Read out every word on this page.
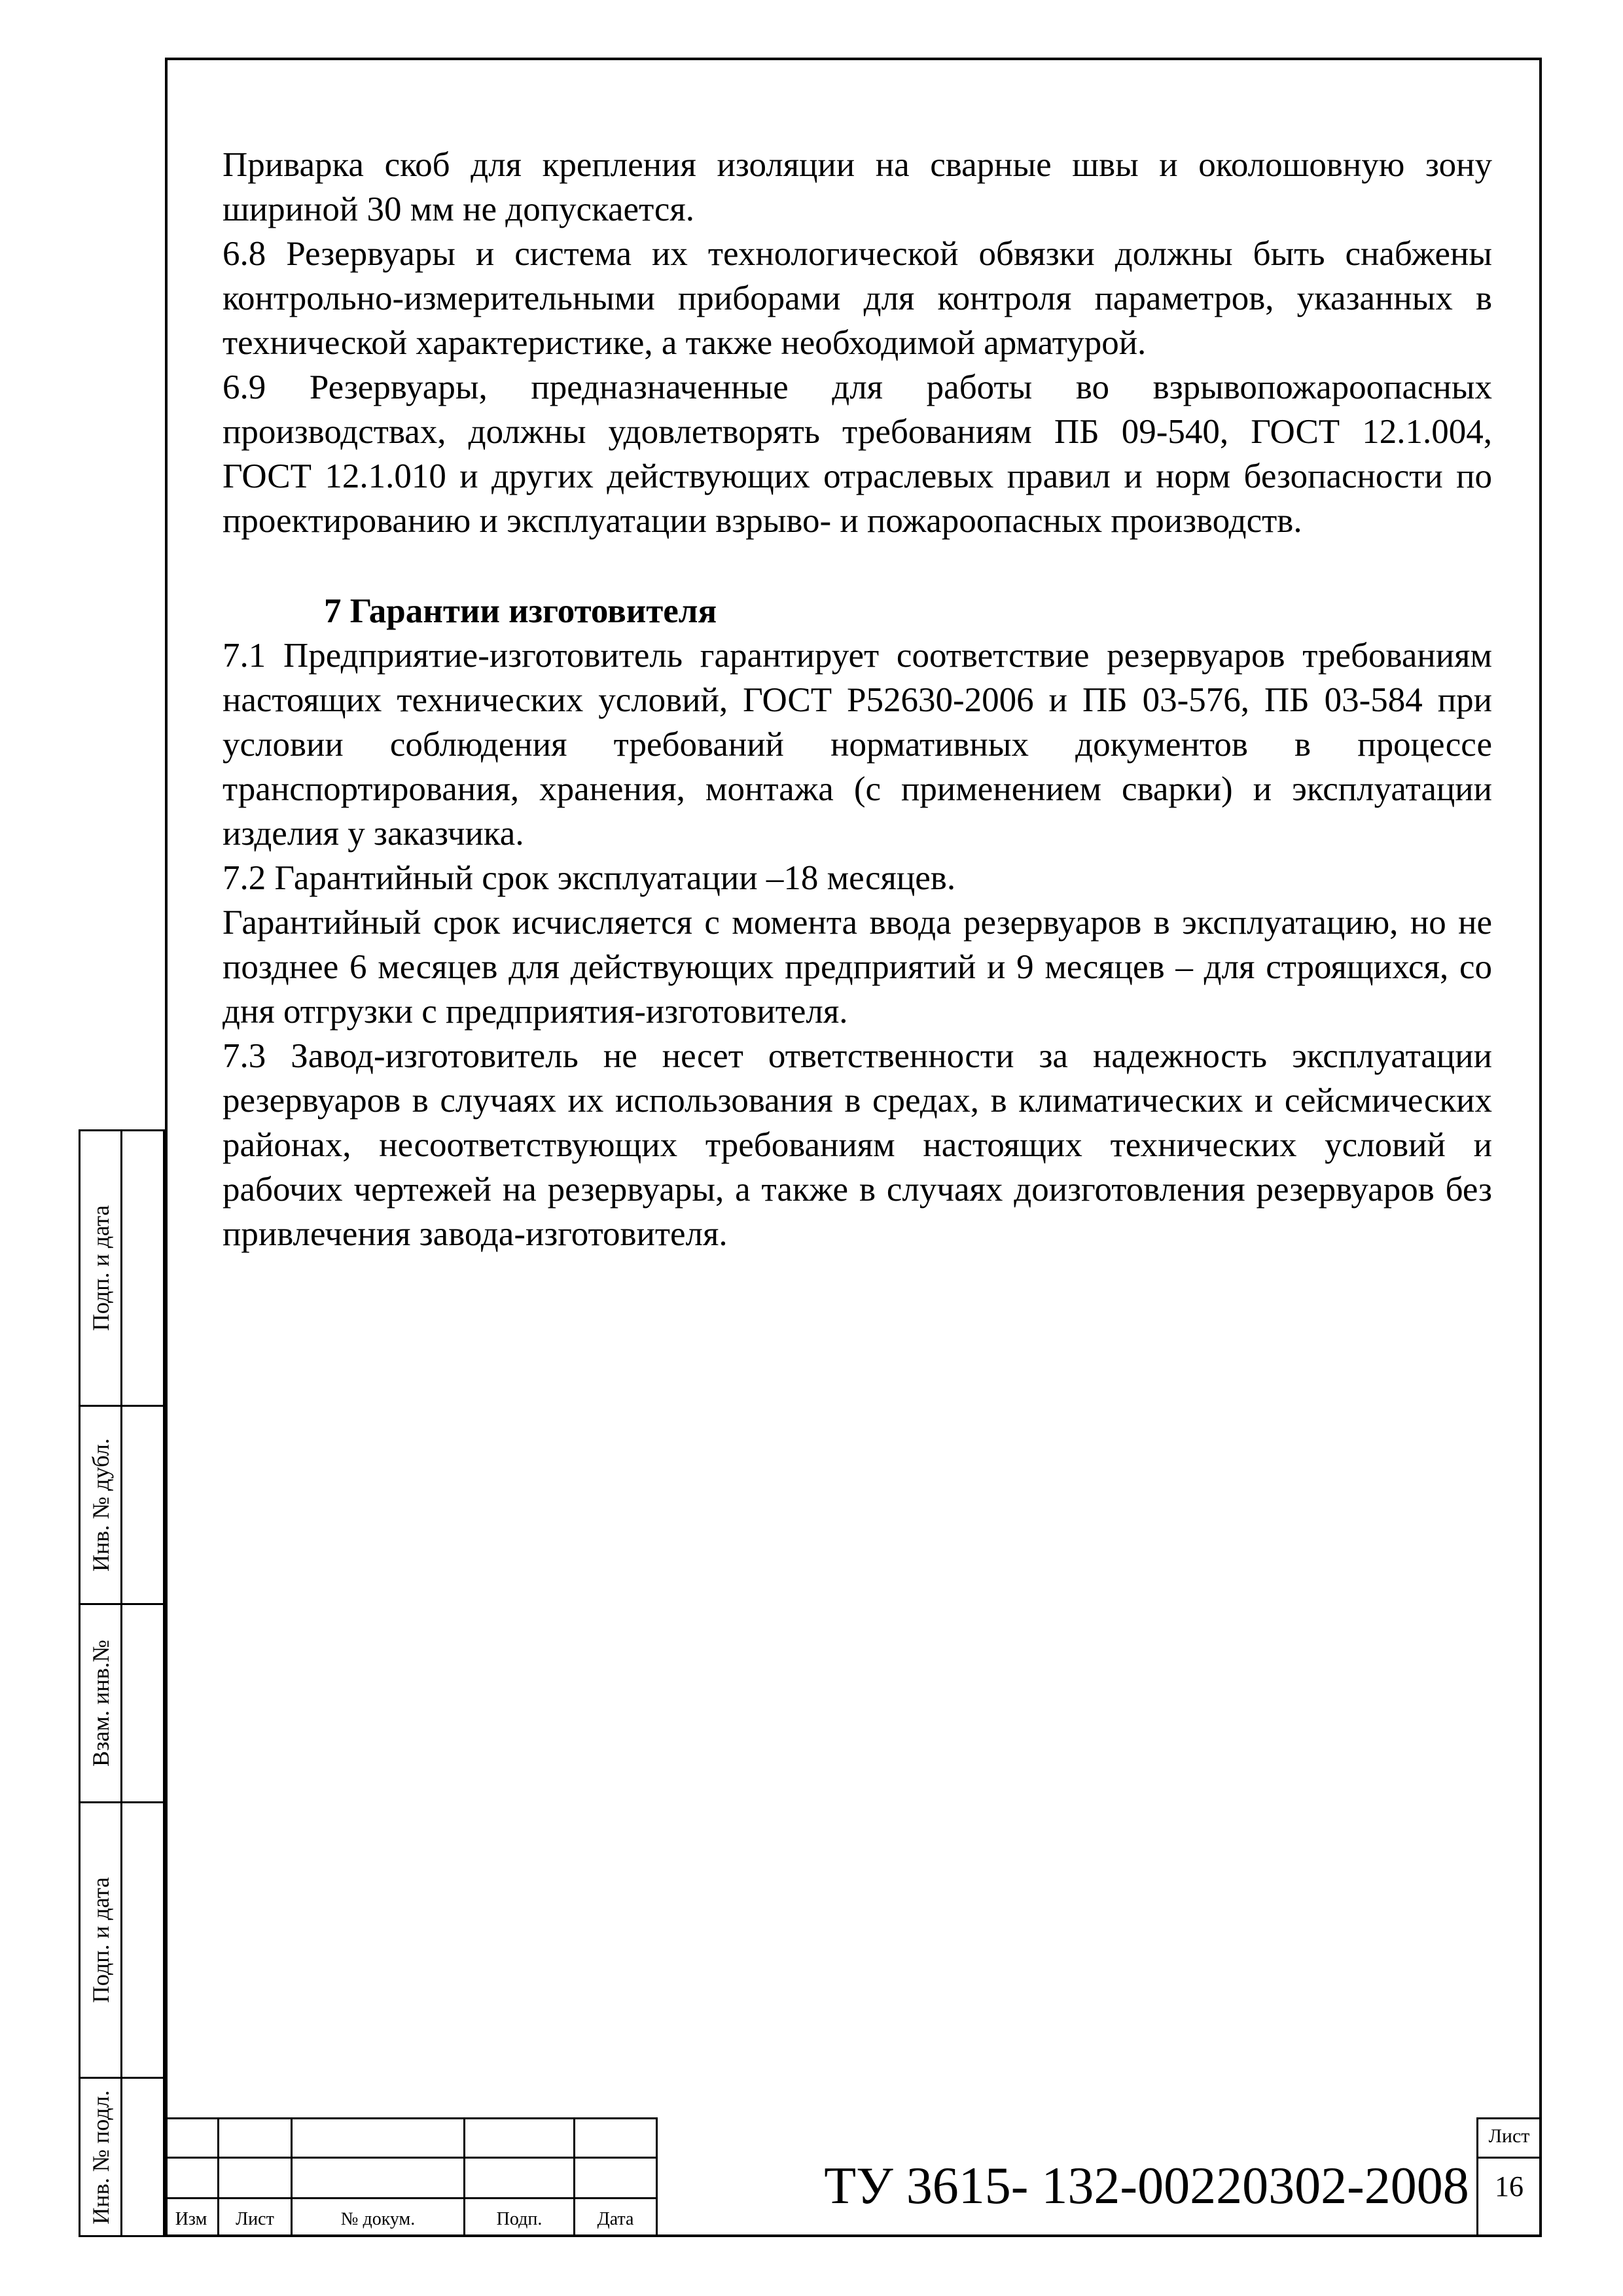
Приварка скоб для крепления изоляции на сварные швы и околошовную зону шириной 30 мм не допускается.

6.8 Резервуары и система их технологической обвязки должны быть снабжены контрольно-измерительными приборами для контроля параметров, указанных в технической характеристике, а также необходимой арматурой.

6.9 Резервуары, предназначенные для работы во взрывопожароопасных производствах, должны удовлетворять требованиям ПБ 09-540, ГОСТ 12.1.004, ГОСТ 12.1.010 и других действующих отраслевых правил и норм безопасности по проектированию и эксплуатации взрыво- и пожароопасных производств.

7 Гарантии изготовителя

7.1 Предприятие-изготовитель гарантирует соответствие резервуаров требованиям настоящих технических условий, ГОСТ Р52630-2006 и ПБ 03-576, ПБ 03-584 при условии соблюдения требований нормативных документов в процессе транспортирования, хранения, монтажа (с применением сварки) и эксплуатации изделия у заказчика.

7.2 Гарантийный срок эксплуатации –18 месяцев.

Гарантийный срок исчисляется с момента ввода резервуаров в эксплуатацию, но не позднее 6 месяцев для действующих предприятий и 9 месяцев – для строящихся, со дня отгрузки с предприятия-изготовителя.

7.3 Завод-изготовитель не несет ответственности за надежность эксплуатации резервуаров в случаях их использования в средах, в климатических и сейсмических районах, несоответствующих требованиям настоящих технических условий и рабочих чертежей на резервуары, а также в случаях доизготовления резервуаров без привлечения завода-изготовителя.

Подп. и дата
Инв. № дубл.
Взам. инв.№
Подп. и дата
Инв. № подл.	Изм	Лист	№ докум.	Подп.	Дата
ТУ 3615- 132-00220302-2008
Лист
16
